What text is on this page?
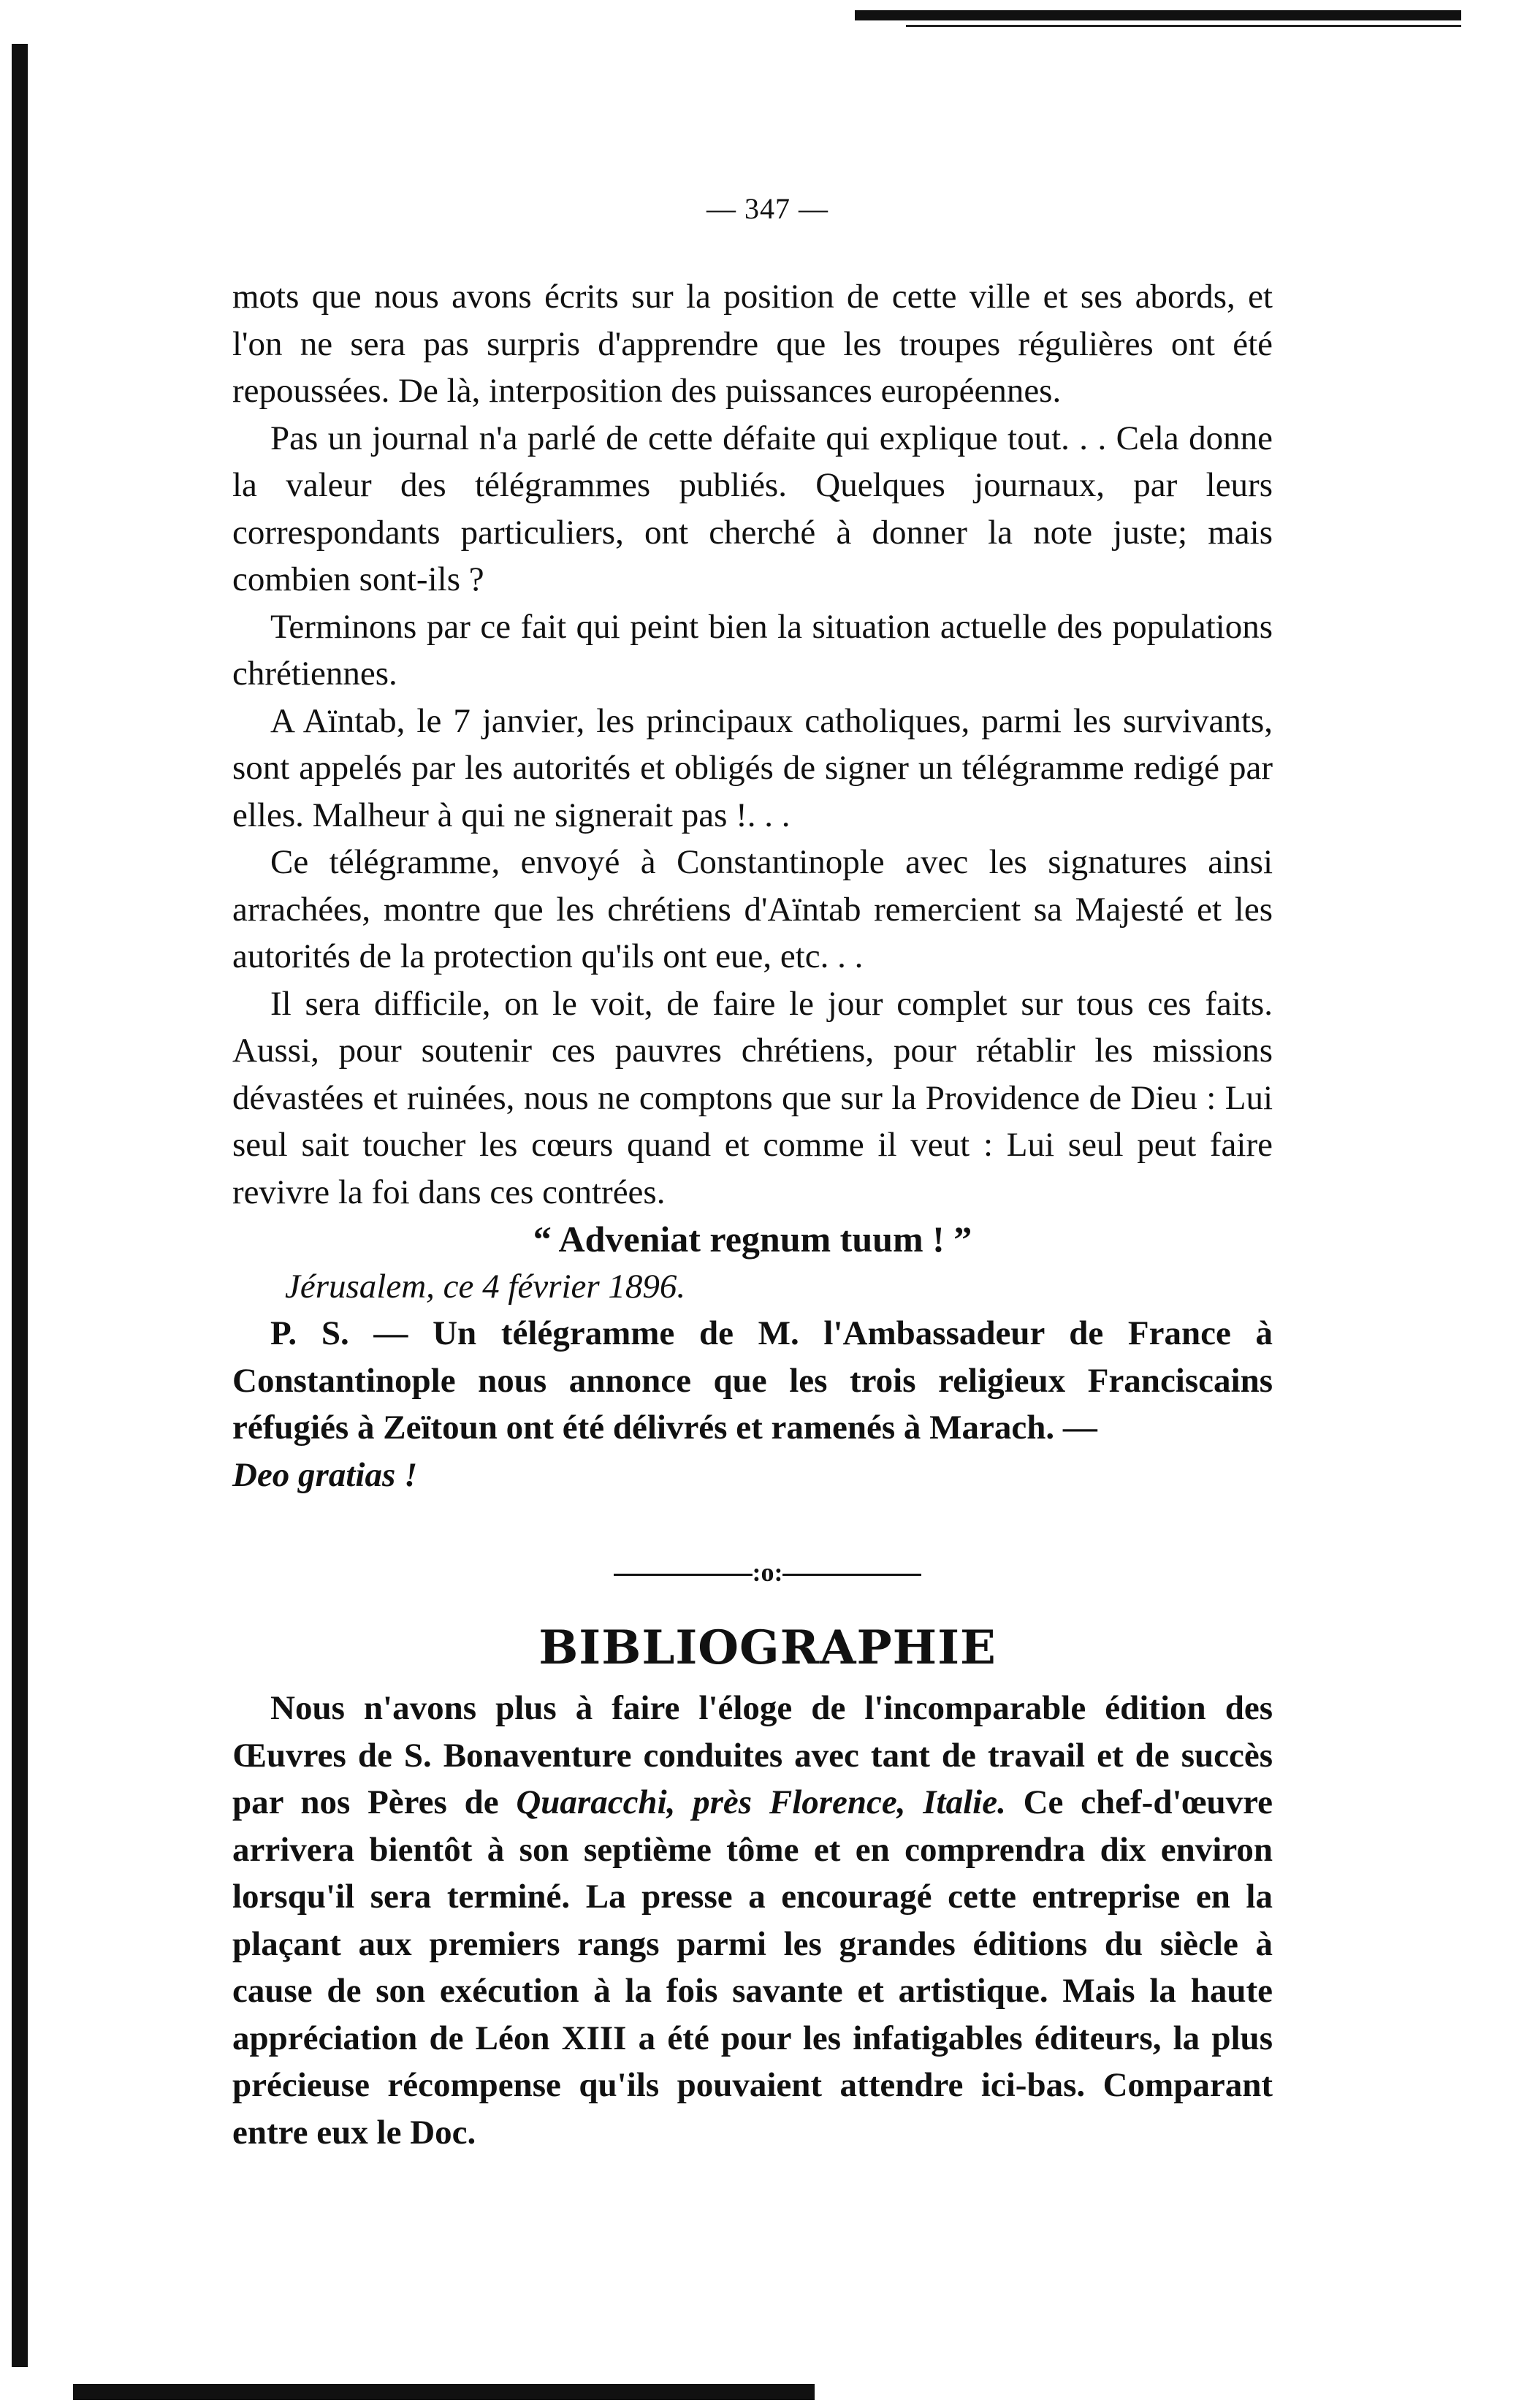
— 347 —

mots que nous avons écrits sur la position de cette ville et ses abords, et l'on ne sera pas surpris d'apprendre que les troupes régulières ont été repoussées. De là, interposition des puissances européennes.

Pas un journal n'a parlé de cette défaite qui explique tout. . . Cela donne la valeur des télégrammes publiés. Quelques journaux, par leurs correspondants particuliers, ont cherché à donner la note juste; mais combien sont-ils ?

Terminons par ce fait qui peint bien la situation actuelle des populations chrétiennes.

A Aïntab, le 7 janvier, les principaux catholiques, parmi les survivants, sont appelés par les autorités et obligés de signer un télégramme redigé par elles. Malheur à qui ne signerait pas !. . .

Ce télégramme, envoyé à Constantinople avec les signatures ainsi arrachées, montre que les chrétiens d'Aïntab remercient sa Majesté et les autorités de la protection qu'ils ont eue, etc. . .

Il sera difficile, on le voit, de faire le jour complet sur tous ces faits. Aussi, pour soutenir ces pauvres chrétiens, pour rétablir les missions dévastées et ruinées, nous ne comptons que sur la Providence de Dieu : Lui seul sait toucher les cœurs quand et comme il veut : Lui seul peut faire revivre la foi dans ces contrées.

“ Adveniat regnum tuum ! ”

Jérusalem, ce 4 février 1896.

P. S. — Un télégramme de M. l'Ambassadeur de France à Constantinople nous annonce que les trois religieux Franciscains réfugiés à Zeïtoun ont été délivrés et ramenés à Marach. —
Deo gratias !

:o:
BIBLIOGRAPHIE

Nous n'avons plus à faire l'éloge de l'incomparable édition des Œuvres de S. Bonaventure conduites avec tant de travail et de succès par nos Pères de Quaracchi, près Florence, Italie. Ce chef-d'œuvre arrivera bientôt à son septième tôme et en comprendra dix environ lorsqu'il sera terminé. La presse a encouragé cette entreprise en la plaçant aux premiers rangs parmi les grandes éditions du siècle à cause de son exécution à la fois savante et artistique. Mais la haute appréciation de Léon XIII a été pour les infatigables éditeurs, la plus précieuse récompense qu'ils pouvaient attendre ici-bas. Comparant entre eux le Doc.
